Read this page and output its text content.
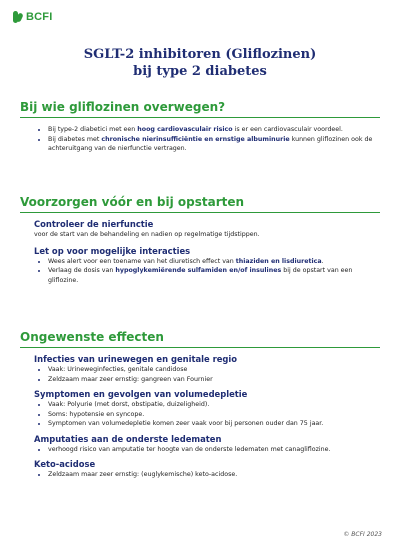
BCFI
SGLT-2 inhibitoren (Gliflozinen)
bij type 2 diabetes
Bij wie gliflozinen overwegen?
• Bij type-2 diabetici met een hoog cardiovasculair risico is er een cardiovasculair voordeel.
• Bij diabetes met chronische nierinsufficiëntie en ernstige albuminurie kunnen gliflozinen ook de achteruitgang van de nierfunctie vertragen.
Voorzorgen vóór en bij opstarten

Controleer de nierfunctie

voor de start van de behandeling en nadien op regelmatige tijdstippen.

Let op voor mogelijke interacties

• Wees alert voor een toename van het diuretisch effect van thiaziden en lisdiuretica.
• Verlaag de dosis van hypoglykemiërende sulfamiden en/of insulines bij de opstart van een gliflozine.
Ongewenste effecten

Infecties van urinewegen en genitale regio

• Vaak: Urineweginfecties, genitale candidose
• Zeldzaam maar zeer ernstig: gangreen van Fournier

Symptomen en gevolgen van volumedepletie

• Vaak: Polyurie (met dorst, obstipatie, duizeligheid).
• Soms: hypotensie en syncope.
• Symptomen van volumedepletie komen zeer vaak voor bij personen ouder dan 75 jaar.

Amputaties aan de onderste ledematen

• verhoogd risico van amputatie ter hoogte van de onderste ledematen met canagliflozine.

Keto-acidose

• Zeldzaam maar zeer ernstig: (euglykemische) keto-acidose.
© BCFI 2023
